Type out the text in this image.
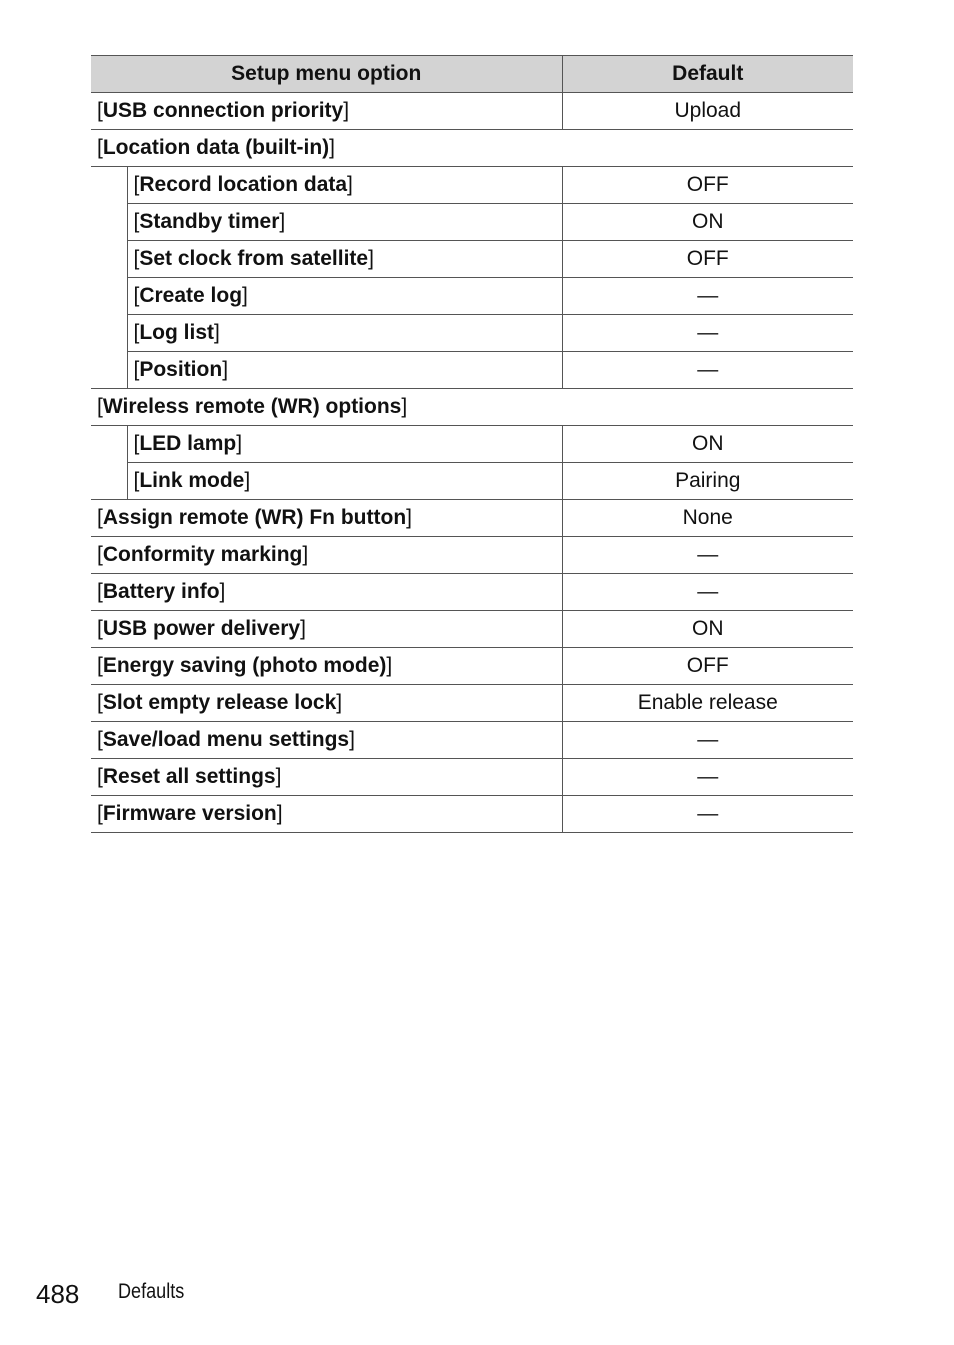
Setup menu option		Default
[USB connection priority]		Upload
[Location data (built-in)]		
	[Record location data]	OFF
	[Standby timer]	ON
	[Set clock from satellite]	OFF
	[Create log]	—
	[Log list]	—
	[Position]	—
[Wireless remote (WR) options]		
	[LED lamp]	ON
	[Link mode]	Pairing
[Assign remote (WR) Fn button]		None
[Conformity marking]		—
[Battery info]		—
[USB power delivery]		ON
[Energy saving (photo mode)]		OFF
[Slot empty release lock]		Enable release
[Save/load menu settings]		—
[Reset all settings]		—
[Firmware version]		—
488 Defaults
